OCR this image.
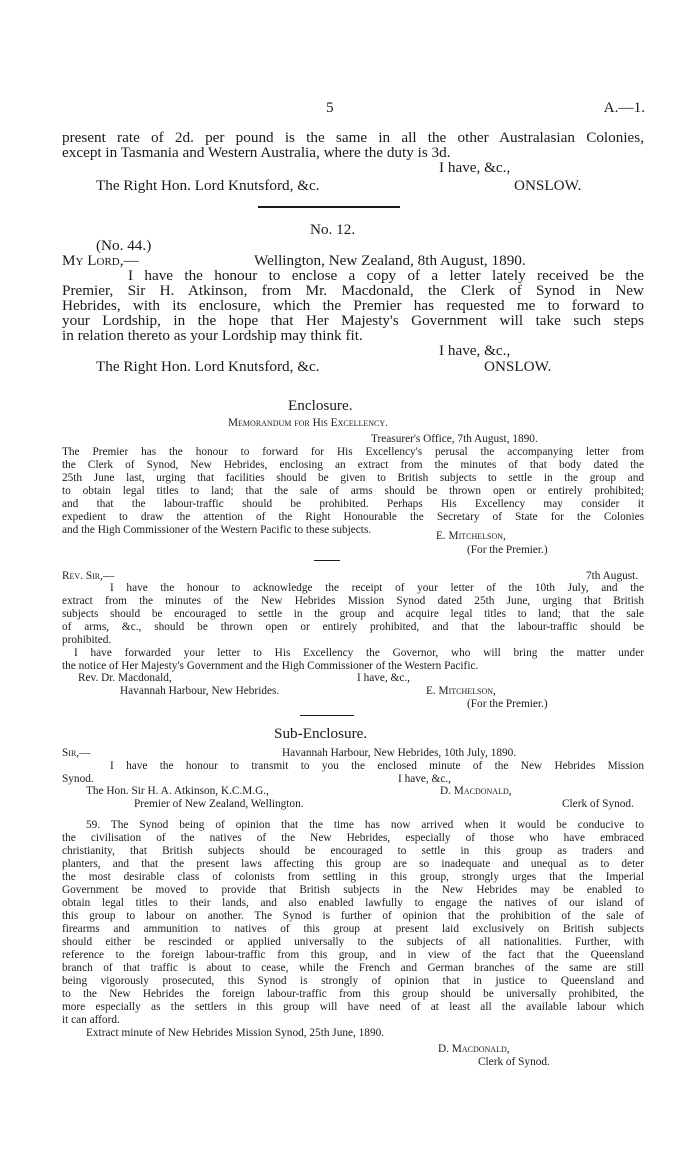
5	A.—1.
present rate of 2d. per pound is the same in all the other Australasian Colonies,
except in Tasmania and Western Australia, where the duty is 3d.
I have, &c.,
The Right Hon. Lord Knutsford, &c.	ONSLOW.
No. 12.
(No. 44.)
My Lord,—	Wellington, New Zealand, 8th August, 1890.
I have the honour to enclose a copy of a letter lately received be the
Premier, Sir H. Atkinson, from Mr. Macdonald, the Clerk of Synod in New
Hebrides, with its enclosure, which the Premier has requested me to forward to
your Lordship, in the hope that Her Majesty's Government will take such steps
in relation thereto as your Lordship may think fit.
I have, &c.,
The Right Hon. Lord Knutsford, &c.	ONSLOW.
Enclosure.
Memorandum for His Excellency.
Treasurer's Office, 7th August, 1890.
The Premier has the honour to forward for His Excellency's perusal the accompanying letter from
the Clerk of Synod, New Hebrides, enclosing an extract from the minutes of that body dated the
25th June last, urging that facilities should be given to British subjects to settle in the group and
to obtain legal titles to land; that the sale of arms should be thrown open or entirely prohibited;
and that the labour-traffic should be prohibited. Perhaps His Excellency may consider it
expedient to draw the attention of the Right Honourable the Secretary of State for the Colonies
and the High Commissioner of the Western Pacific to these subjects.	E. Mitchelson,
(For the Premier.)
Rev. Sir,—	7th August.
I have the honour to acknowledge the receipt of your letter of the 10th July, and the
extract from the minutes of the New Hebrides Mission Synod dated 25th June, urging that British
subjects should be encouraged to settle in the group and acquire legal titles to land; that the sale
of arms, &c., should be thrown open or entirely prohibited, and that the labour-traffic should be
prohibited.
I have forwarded your letter to His Excellency the Governor, who will bring the matter under
the notice of Her Majesty's Government and the High Commissioner of the Western Pacific.
Rev. Dr. Macdonald,	I have, &c.,
Havannah Harbour, New Hebrides.	E. Mitchelson,
(For the Premier.)
Sub-Enclosure.
Sir,—	Havannah Harbour, New Hebrides, 10th July, 1890.
I have the honour to transmit to you the enclosed minute of the New Hebrides Mission
Synod.	I have, &c.,
The Hon. Sir H. A. Atkinson, K.C.M.G.,	D. Macdonald,
Premier of New Zealand, Wellington.	Clerk of Synod.
59. The Synod being of opinion that the time has now arrived when it would be conducive to
the civilisation of the natives of the New Hebrides, especially of those who have embraced
christianity, that British subjects should be encouraged to settle in this group as traders and
planters, and that the present laws affecting this group are so inadequate and unequal as to deter
the most desirable class of colonists from settling in this group, strongly urges that the Imperial
Government be moved to provide that British subjects in the New Hebrides may be enabled to
obtain legal titles to their lands, and also enabled lawfully to engage the natives of our island of
this group to labour on another. The Synod is further of opinion that the prohibition of the sale of
firearms and ammunition to natives of this group at present laid exclusively on British subjects
should either be rescinded or applied universally to the subjects of all nationalities. Further, with
reference to the foreign labour-traffic from this group, and in view of the fact that the Queensland
branch of that traffic is about to cease, while the French and German branches of the same are still
being vigorously prosecuted, this Synod is strongly of opinion that in justice to Queensland and
to the New Hebrides the foreign labour-traffic from this group should be universally prohibited, the
more especially as the settlers in this group will have need of at least all the available labour which
it can afford.
Extract minute of New Hebrides Mission Synod, 25th June, 1890.
D. Macdonald,
Clerk of Synod.
